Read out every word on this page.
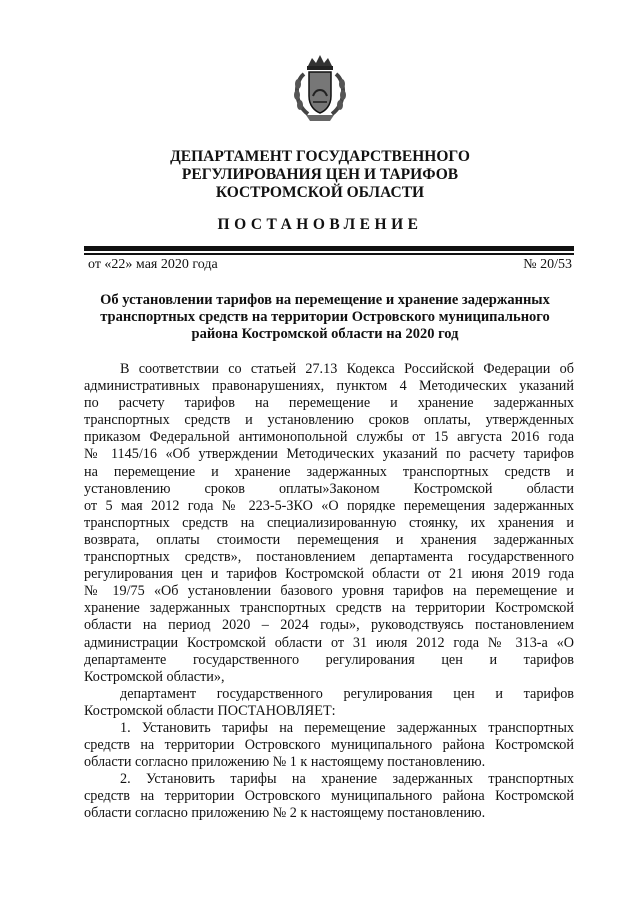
ДЕПАРТАМЕНТ ГОСУДАРСТВЕННОГО
РЕГУЛИРОВАНИЯ ЦЕН И ТАРИФОВ
КОСТРОМСКОЙ ОБЛАСТИ
ПОСТАНОВЛЕНИЕ
от «22» мая 2020 года	№ 20/53
Об установлении тарифов на перемещение и хранение задержанных
транспортных средств на территории Островского муниципального
района Костромской области на 2020 год
В соответствии со статьей 27.13 Кодекса Российской Федерации об
административных правонарушениях, пунктом 4 Методических указаний
по расчету тарифов на перемещение и хранение задержанных
транспортных средств и установлению сроков оплаты, утвержденных
приказом Федеральной антимонопольной службы от 15 августа 2016 года
№ 1145/16 «Об утверждении Методических указаний по расчету тарифов
на перемещение и хранение задержанных транспортных средств и
установлению сроков оплаты»Законом Костромской области
от 5 мая 2012 года № 223-5-ЗКО «О порядке перемещения задержанных
транспортных средств на специализированную стоянку, их хранения и
возврата, оплаты стоимости перемещения и хранения задержанных
транспортных средств», постановлением департамента государственного
регулирования цен и тарифов Костромской области от 21 июня 2019 года
№ 19/75 «Об установлении базового уровня тарифов на перемещение и
хранение задержанных транспортных средств на территории Костромской
области на период 2020 – 2024 годы», руководствуясь постановлением
администрации Костромской области от 31 июля 2012 года № 313-а «О
департаменте государственного регулирования цен и тарифов
Костромской области»,
департамент государственного регулирования цен и тарифов
Костромской области ПОСТАНОВЛЯЕТ:
1. Установить тарифы на перемещение задержанных транспортных
средств на территории Островского муниципального района Костромской
области согласно приложению № 1 к настоящему постановлению.
2. Установить тарифы на хранение задержанных транспортных
средств на территории Островского муниципального района Костромской
области согласно приложению № 2 к настоящему постановлению.
